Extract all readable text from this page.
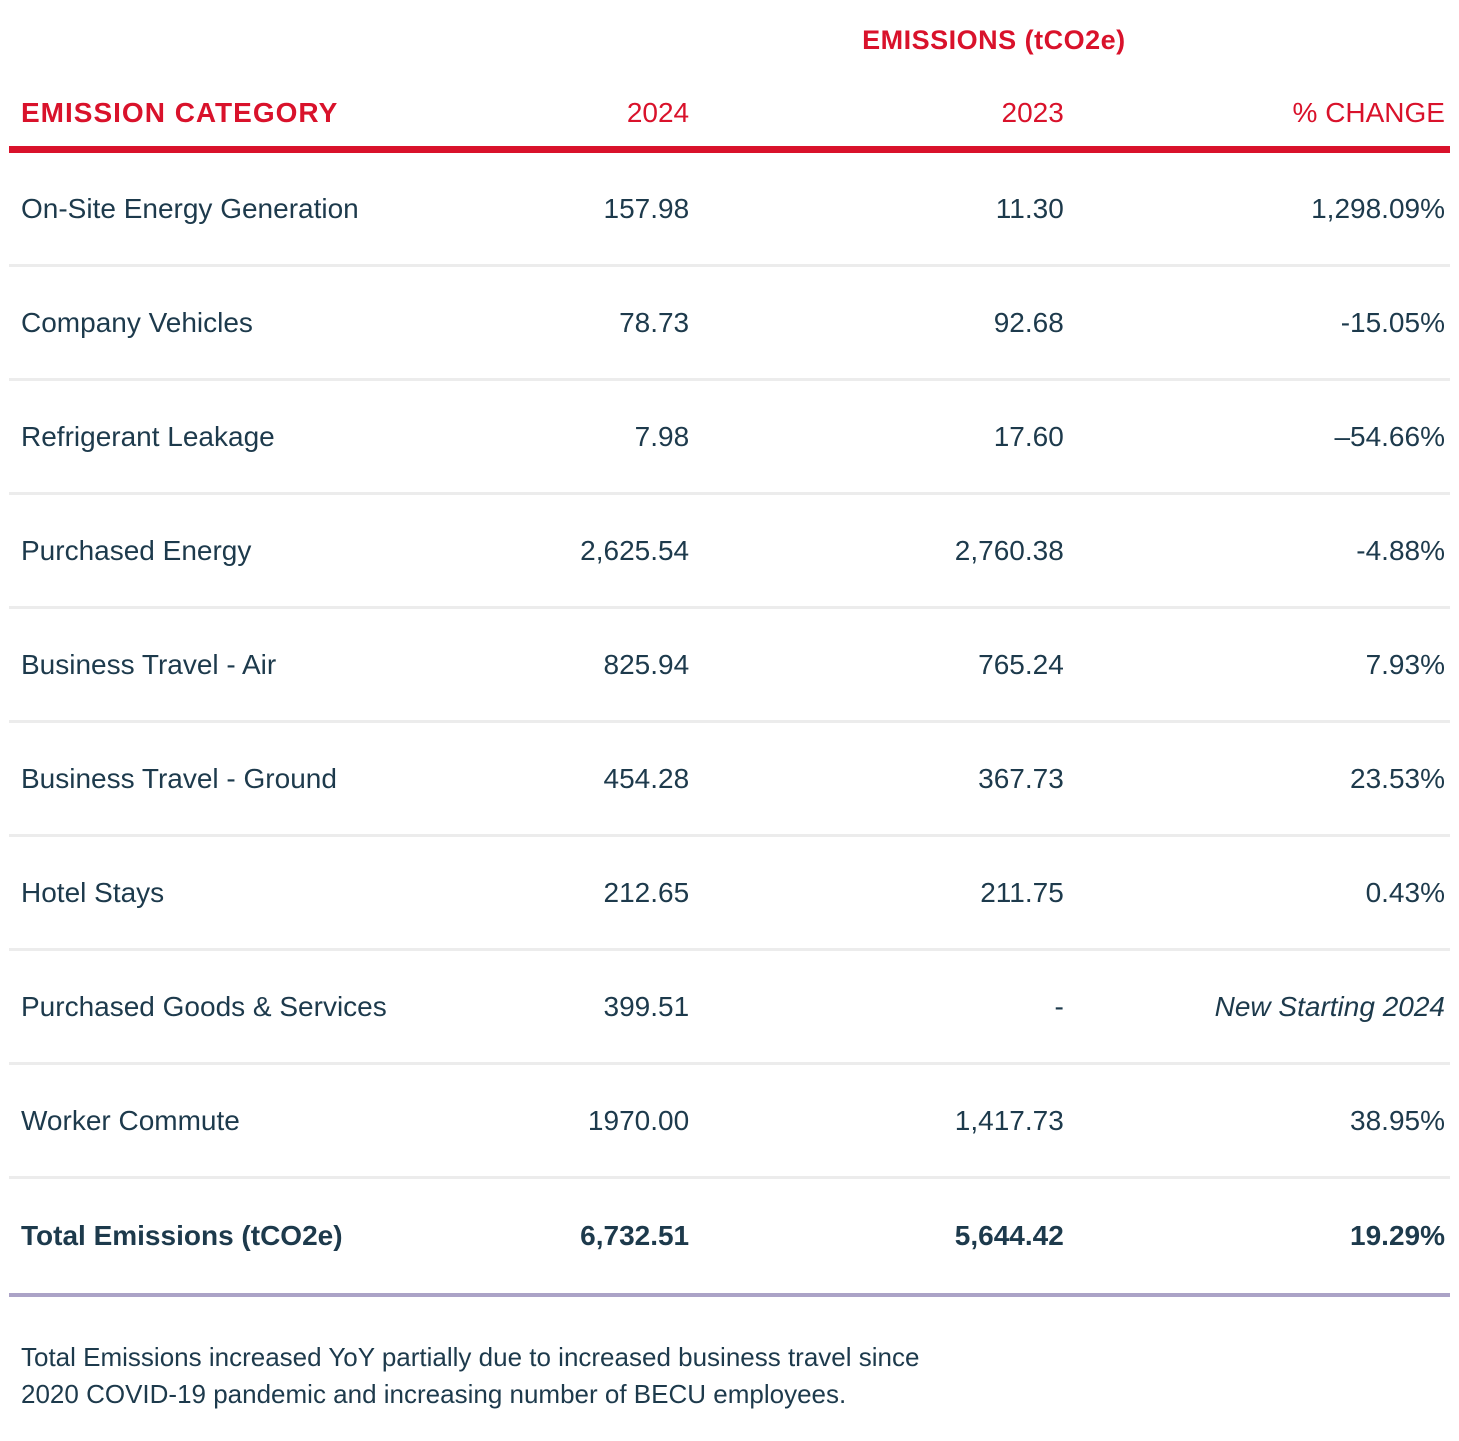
EMISSIONS (tCO2e)
EMISSION CATEGORY	2024	2023	% CHANGE
On-Site Energy Generation	157.98	11.30	1,298.09%
Company Vehicles	78.73	92.68	-15.05%
Refrigerant Leakage	7.98	17.60	–54.66%
Purchased Energy	2,625.54	2,760.38	-4.88%
Business Travel - Air	825.94	765.24	7.93%
Business Travel - Ground	454.28	367.73	23.53%
Hotel Stays	212.65	211.75	0.43%
Purchased Goods & Services	399.51	-	New Starting 2024
Worker Commute	1970.00	1,417.73	38.95%
Total Emissions (tCO2e)	6,732.51	5,644.42	19.29%

Total Emissions increased YoY partially due to increased business travel since
2020 COVID-19 pandemic and increasing number of BECU employees.
